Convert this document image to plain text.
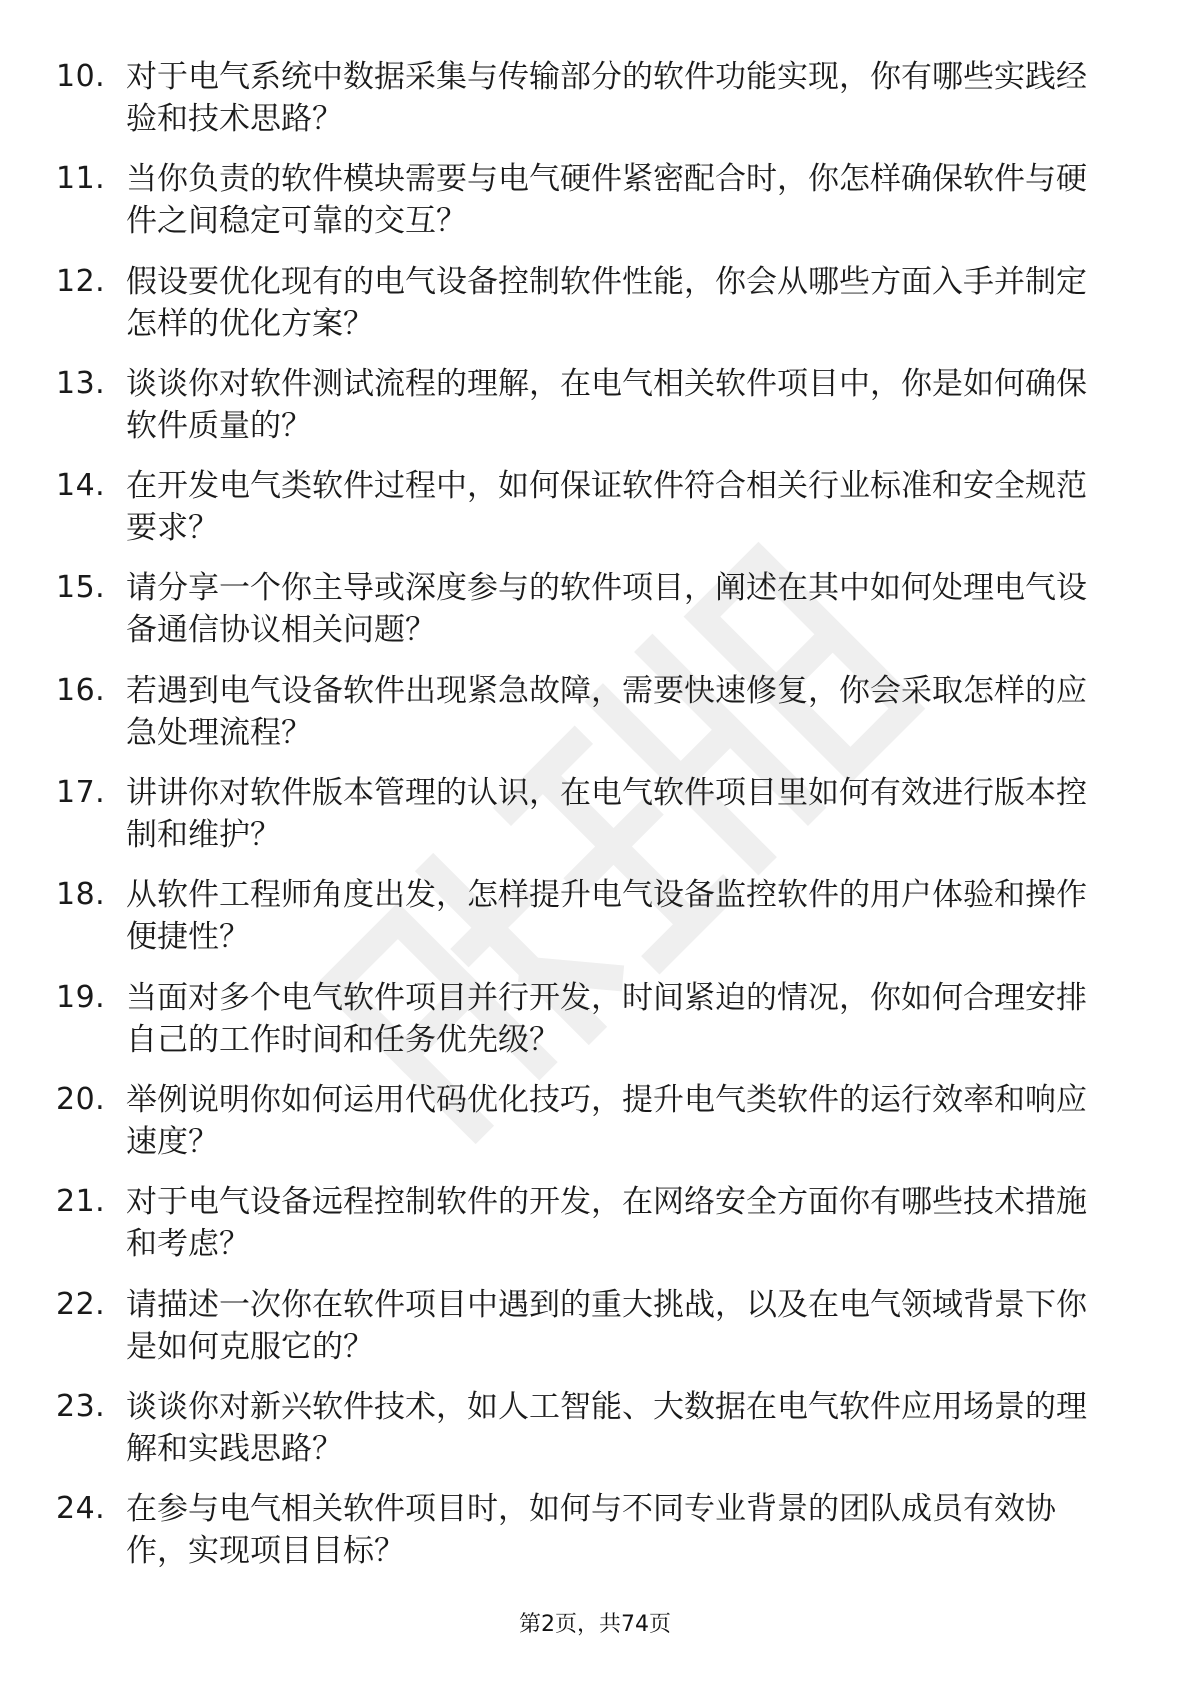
10. 对于电气系统中数据采集与传输部分的软件功能实现，你有哪些实践经验和技术思路？
11. 当你负责的软件模块需要与电气硬件紧密配合时，你怎样确保软件与硬件之间稳定可靠的交互？
12. 假设要优化现有的电气设备控制软件性能，你会从哪些方面入手并制定怎样的优化方案？
13. 谈谈你对软件测试流程的理解，在电气相关软件项目中，你是如何确保软件质量的？
14. 在开发电气类软件过程中，如何保证软件符合相关行业标准和安全规范要求？
15. 请分享一个你主导或深度参与的软件项目，阐述在其中如何处理电气设备通信协议相关问题？
16. 若遇到电气设备软件出现紧急故障，需要快速修复，你会采取怎样的应急处理流程？
17. 讲讲你对软件版本管理的认识，在电气软件项目里如何有效进行版本控制和维护？
18. 从软件工程师角度出发，怎样提升电气设备监控软件的用户体验和操作便捷性？
19. 当面对多个电气软件项目并行开发，时间紧迫的情况，你如何合理安排自己的工作时间和任务优先级？
20. 举例说明你如何运用代码优化技巧，提升电气类软件的运行效率和响应速度？
21. 对于电气设备远程控制软件的开发，在网络安全方面你有哪些技术措施和考虑？
22. 请描述一次你在软件项目中遇到的重大挑战，以及在电气领域背景下你是如何克服它的？
23. 谈谈你对新兴软件技术，如人工智能、大数据在电气软件应用场景的理解和实践思路？
24. 在参与电气相关软件项目时，如何与不同专业背景的团队成员有效协作，实现项目目标？
第2页，共74页
